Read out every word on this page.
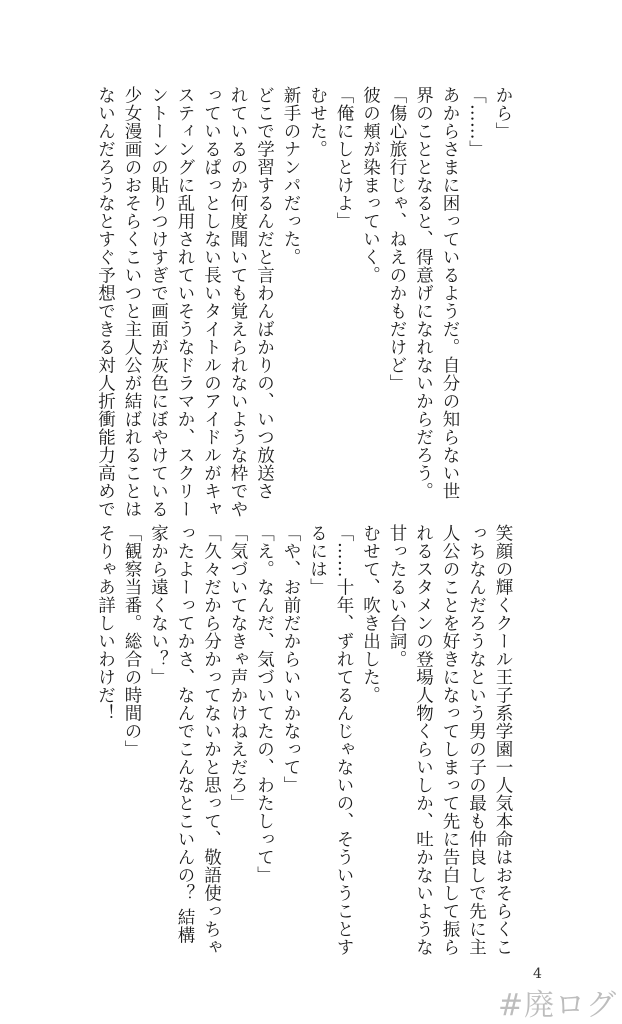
から」

「……」

あからさまに困っているようだ。自分の知らない世

界のこととなると、得意げになれないからだろう。

「傷心旅行じゃ、ねえのかもだけど」

彼の頬が染まっていく。

「俺にしとけよ」

むせた。

新手のナンパだった。

どこで学習するんだと言わんばかりの、いつ放送さ

れているのか何度聞いても覚えられないような枠でや

っているぱっとしない長いタイトルのアイドルがキャ

スティングに乱用されていそうなドラマか、スクリー

ントーンの貼りつけすぎで画面が灰色にぼやけている

少女漫画のおそらくこいつと主人公が結ばれることは

ないんだろうなとすぐ予想できる対人折衝能力高めで

笑顔の輝くクール王子系学園一人気本命はおそらくこ

っちなんだろうなという男の子の最も仲良しで先に主

人公のことを好きになってしまって先に告白して振ら

れるスタメンの登場人物くらいしか、吐かないような

甘ったるい台詞。

むせて、吹き出した。

「……十年、ずれてるんじゃないの、そういうことす

るには」

「や、お前だからいいかなって」

「え。なんだ、気づいてたの、わたしって」

「気づいてなきゃ声かけねえだろ」

「久々だから分かってないかと思って、敬語使っちゃ

ったよーってかさ、なんでこんなとこいんの？ 結構

家から遠くない？」

「観察当番。総合の時間の」

そりゃあ詳しいわけだ！

4
#廃ログ
